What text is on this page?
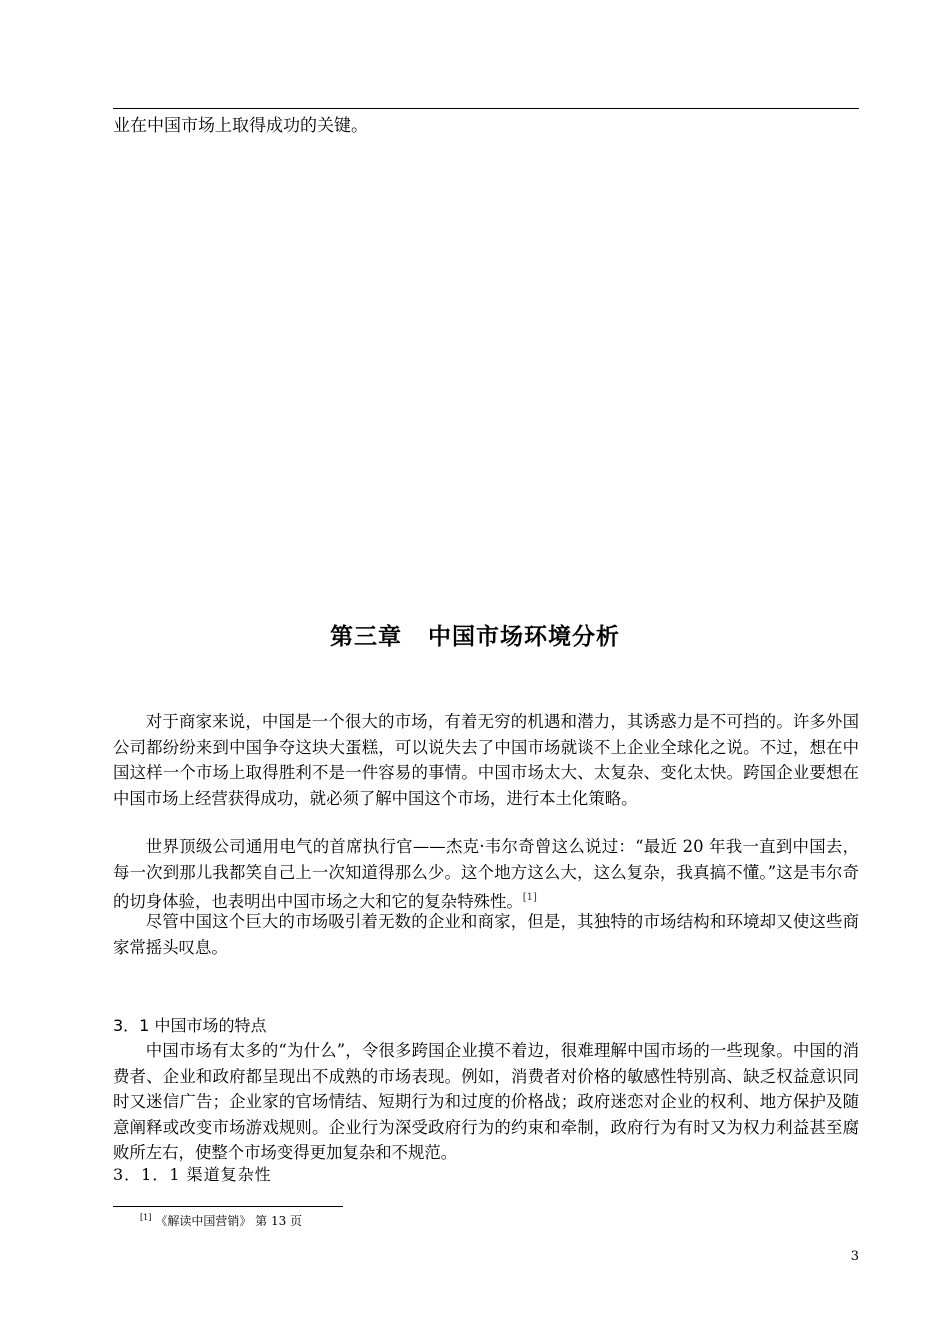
业在中国市场上取得成功的关键。
第三章 中国市场环境分析

对于商家来说，中国是一个很大的市场，有着无穷的机遇和潜力，其诱惑力是不可挡的。许多外国公司都纷纷来到中国争夺这块大蛋糕，可以说失去了中国市场就谈不上企业全球化之说。不过，想在中国这样一个市场上取得胜利不是一件容易的事情。中国市场太大、太复杂、变化太快。跨国企业要想在中国市场上经营获得成功，就必须了解中国这个市场，进行本土化策略。

世界顶级公司通用电气的首席执行官——杰克·韦尔奇曾这么说过：“最近 20 年我一直到中国去，每一次到那儿我都笑自己上一次知道得那么少。这个地方这么大，这么复杂，我真搞不懂。”这是韦尔奇的切身体验，也表明出中国市场之大和它的复杂特殊性。[1]

尽管中国这个巨大的市场吸引着无数的企业和商家，但是，其独特的市场结构和环境却又使这些商家常摇头叹息。

3．1 中国市场的特点

中国市场有太多的“为什么”，令很多跨国企业摸不着边，很难理解中国市场的一些现象。中国的消费者、企业和政府都呈现出不成熟的市场表现。例如，消费者对价格的敏感性特别高、缺乏权益意识同时又迷信广告；企业家的官场情结、短期行为和过度的价格战；政府迷恋对企业的权利、地方保护及随意阐释或改变市场游戏规则。企业行为深受政府行为的约束和牵制，政府行为有时又为权力利益甚至腐败所左右，使整个市场变得更加复杂和不规范。

3．1．1 渠道复杂性
[1] 《解读中国营销》 第 13 页
3
